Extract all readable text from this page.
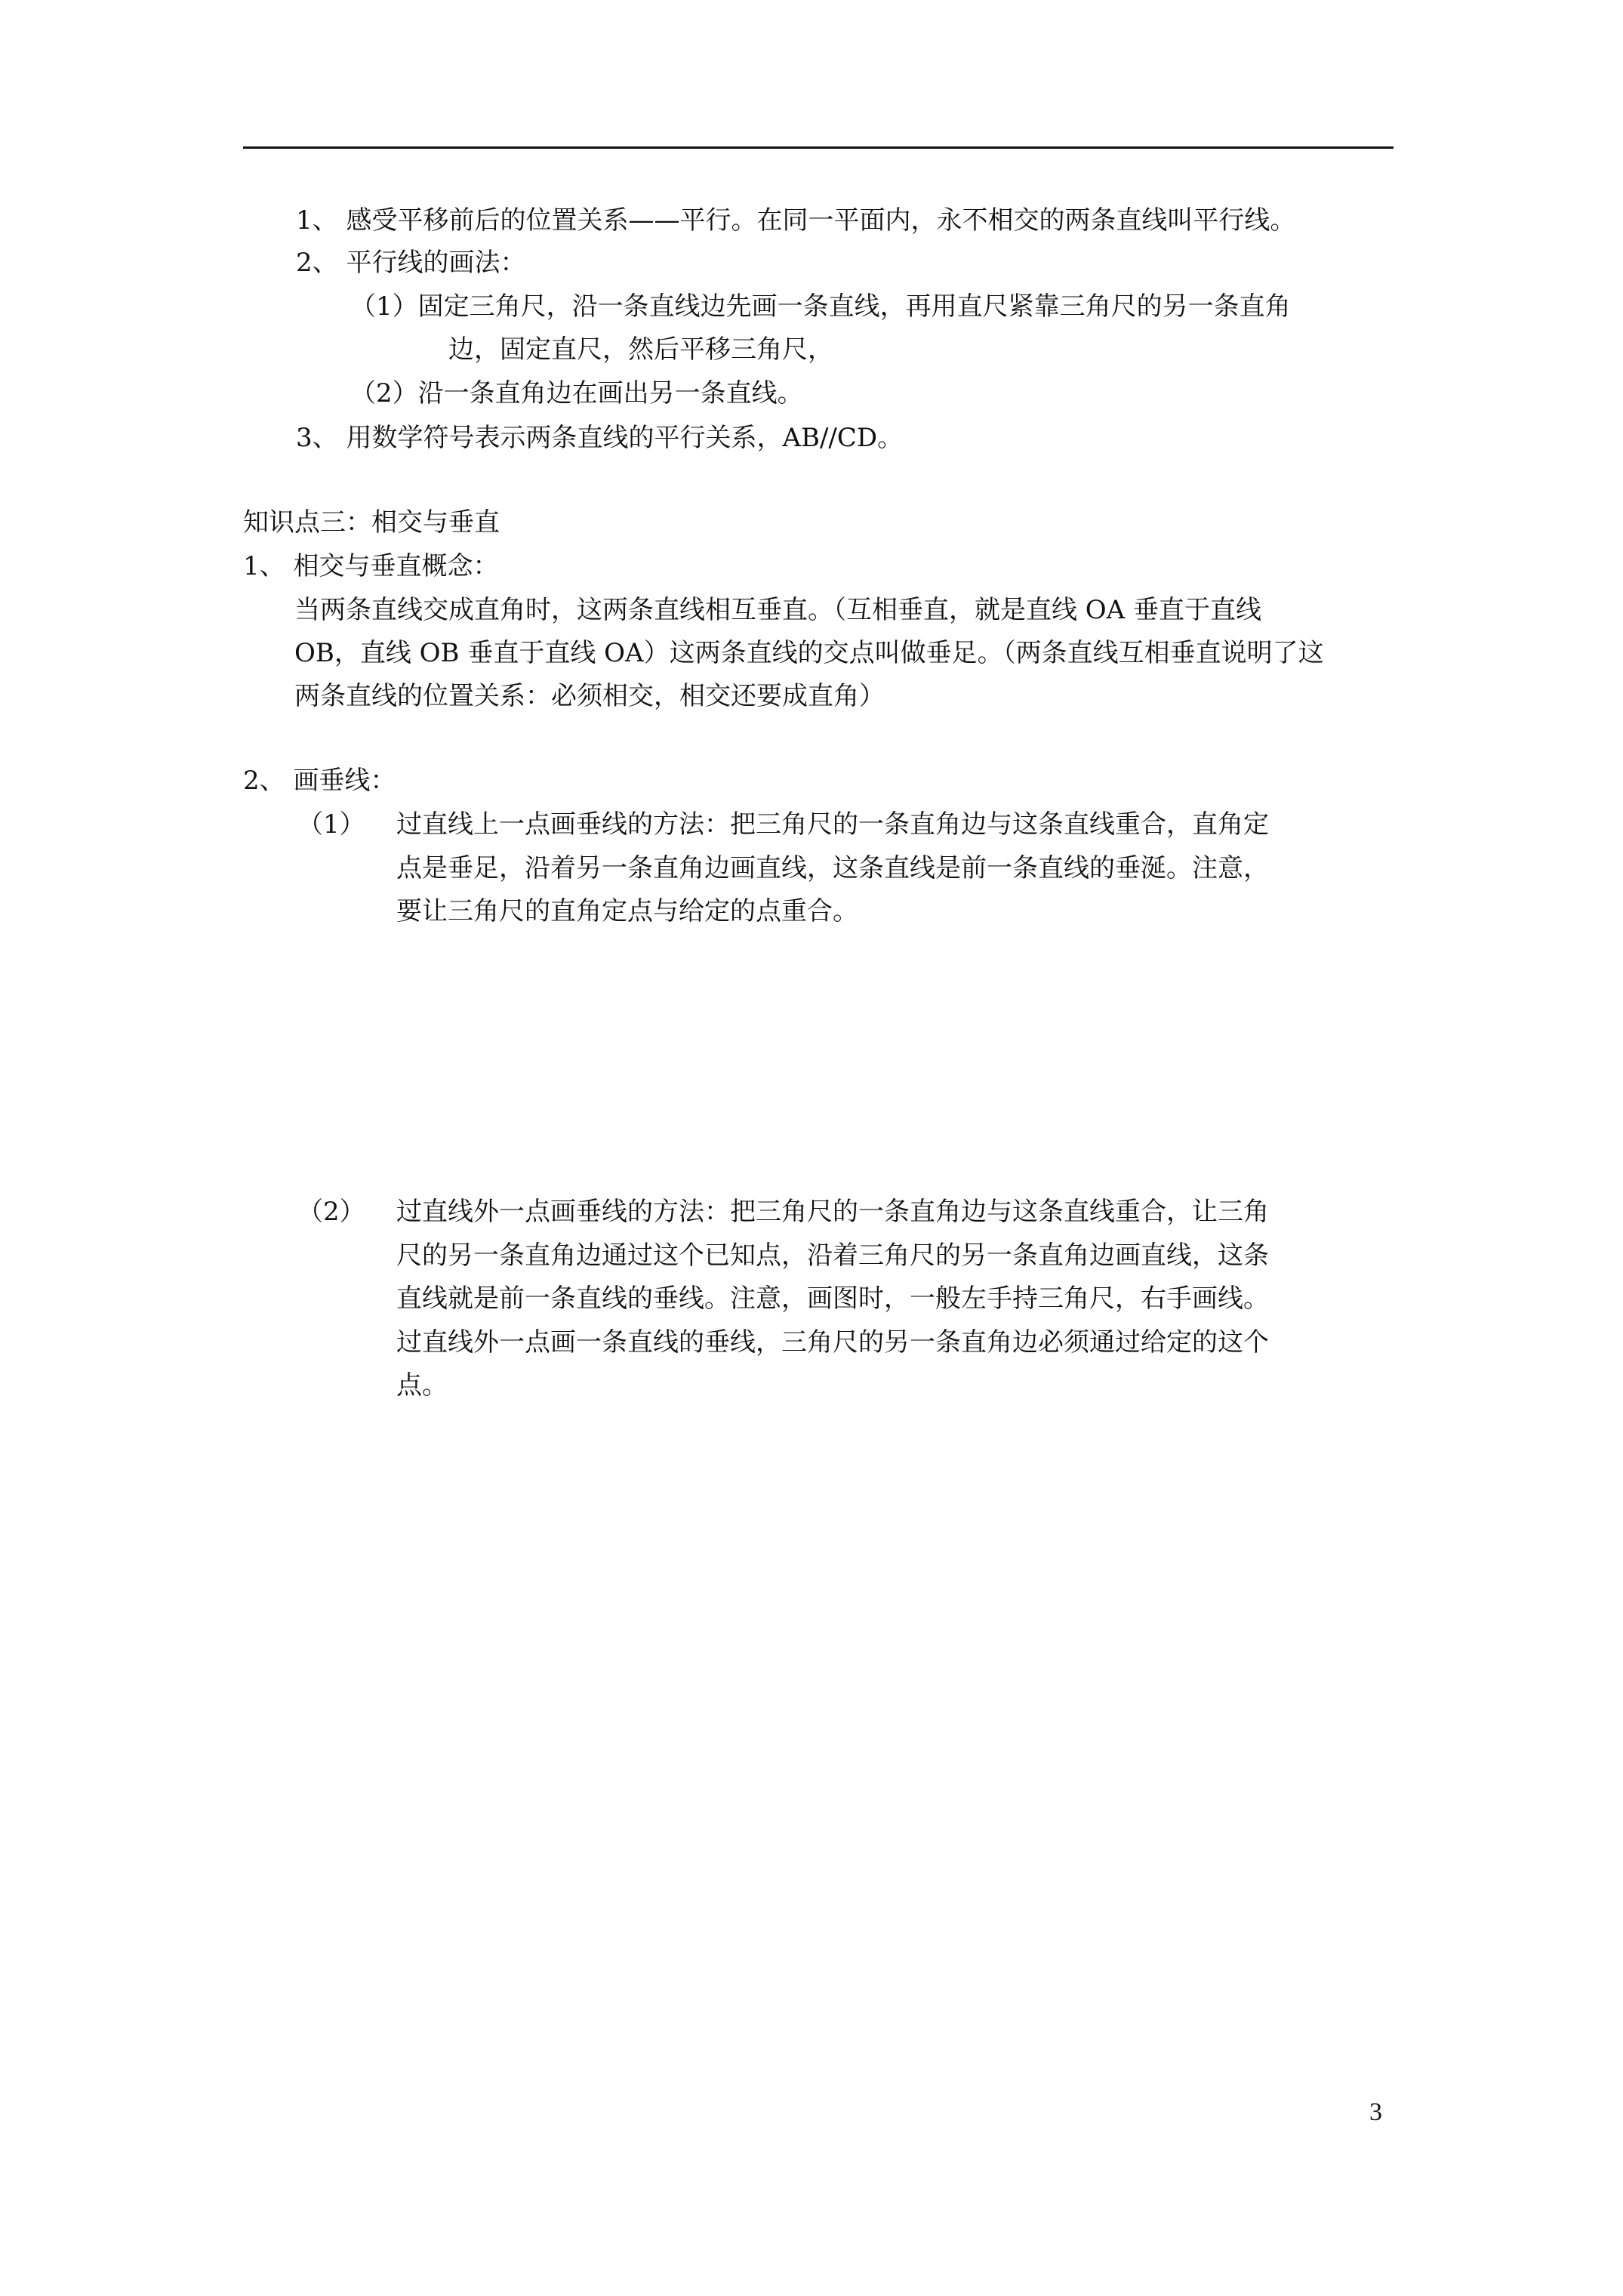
1、 感受平移前后的位置关系——平行。在同一平面内，永不相交的两条直线叫平行线。
2、 平行线的画法：
（1）固定三角尺，沿一条直线边先画一条直线，再用直尺紧靠三角尺的另一条直角
边，固定直尺，然后平移三角尺，
（2）沿一条直角边在画出另一条直线。
3、 用数学符号表示两条直线的平行关系，AB//CD。
知识点三：相交与垂直
1、 相交与垂直概念：
当两条直线交成直角时，这两条直线相互垂直。（互相垂直，就是直线 OA 垂直于直线
OB，直线 OB 垂直于直线 OA）这两条直线的交点叫做垂足。（两条直线互相垂直说明了这
两条直线的位置关系：必须相交，相交还要成直角）
2、 画垂线：
（1） 过直线上一点画垂线的方法：把三角尺的一条直角边与这条直线重合，直角定
点是垂足，沿着另一条直角边画直线，这条直线是前一条直线的垂涎。注意，
要让三角尺的直角定点与给定的点重合。
（2） 过直线外一点画垂线的方法：把三角尺的一条直角边与这条直线重合，让三角
尺的另一条直角边通过这个已知点，沿着三角尺的另一条直角边画直线，这条
直线就是前一条直线的垂线。注意，画图时，一般左手持三角尺，右手画线。
过直线外一点画一条直线的垂线，三角尺的另一条直角边必须通过给定的这个
点。
3
